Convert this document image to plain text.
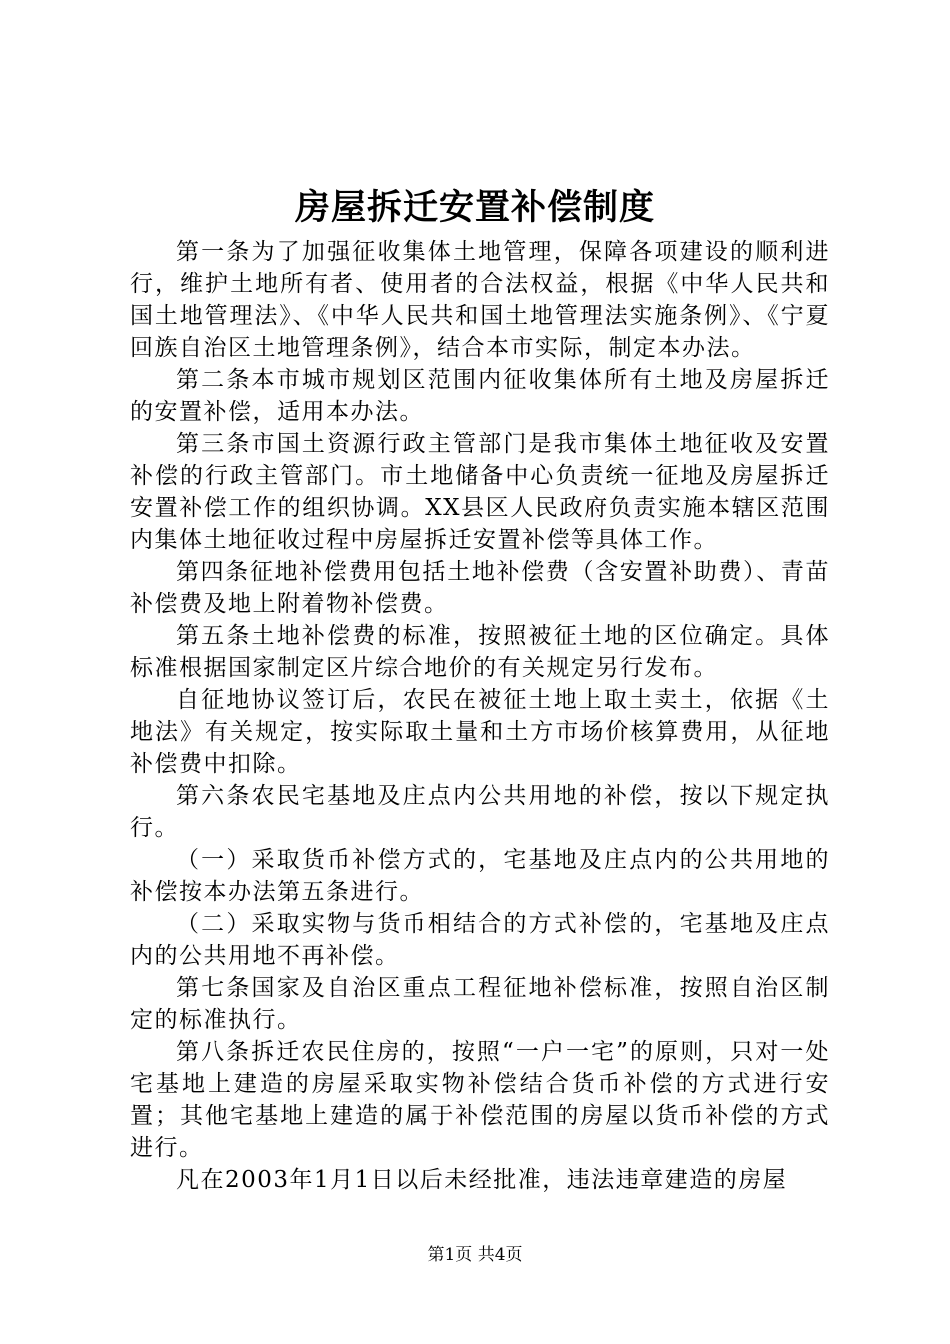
房屋拆迁安置补偿制度

第一条为了加强征收集体土地管理，保障各项建设的顺利进行，维护土地所有者、使用者的合法权益，根据《中华人民共和国土地管理法》、《中华人民共和国土地管理法实施条例》、《宁夏回族自治区土地管理条例》，结合本市实际，制定本办法。

第二条本市城市规划区范围内征收集体所有土地及房屋拆迁的安置补偿，适用本办法。

第三条市国土资源行政主管部门是我市集体土地征收及安置补偿的行政主管部门。市土地储备中心负责统一征地及房屋拆迁安置补偿工作的组织协调。XX县区人民政府负责实施本辖区范围内集体土地征收过程中房屋拆迁安置补偿等具体工作。

第四条征地补偿费用包括土地补偿费（含安置补助费）、青苗补偿费及地上附着物补偿费。

第五条土地补偿费的标准，按照被征土地的区位确定。具体标准根据国家制定区片综合地价的有关规定另行发布。

自征地协议签订后，农民在被征土地上取土卖土，依据《土地法》有关规定，按实际取土量和土方市场价核算费用，从征地补偿费中扣除。

第六条农民宅基地及庄点内公共用地的补偿，按以下规定执行。

（一）采取货币补偿方式的，宅基地及庄点内的公共用地的补偿按本办法第五条进行。

（二）采取实物与货币相结合的方式补偿的，宅基地及庄点内的公共用地不再补偿。

第七条国家及自治区重点工程征地补偿标准，按照自治区制定的标准执行。

第八条拆迁农民住房的，按照“一户一宅”的原则，只对一处宅基地上建造的房屋采取实物补偿结合货币补偿的方式进行安置；其他宅基地上建造的属于补偿范围的房屋以货币补偿的方式进行。

凡在2003年1月1日以后未经批准，违法违章建造的房屋

第1页 共4页
